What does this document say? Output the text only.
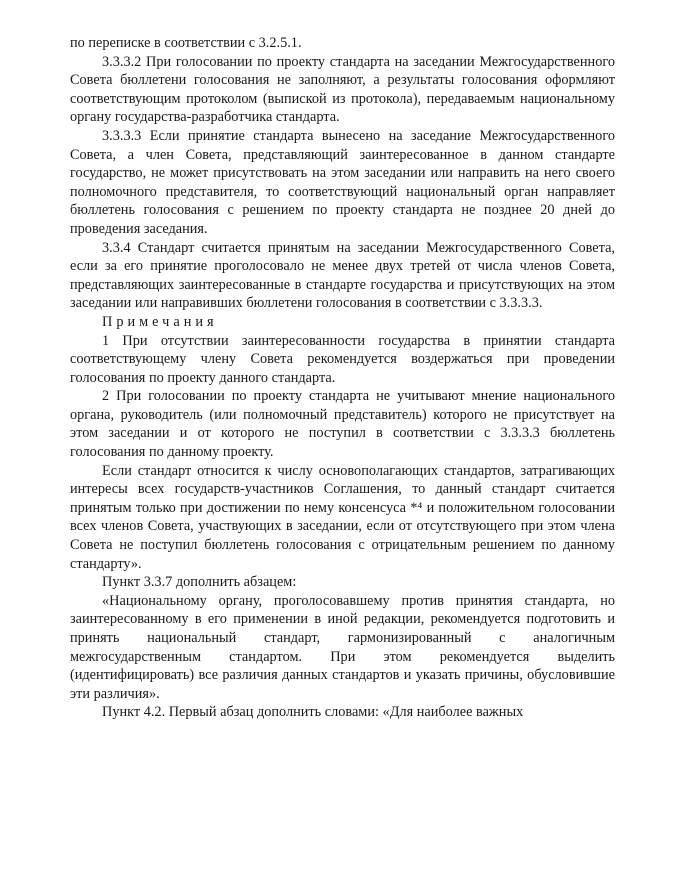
по переписке в соответствии с 3.2.5.1.

3.3.3.2 При голосовании по проекту стандарта на заседании Межгосударственного Совета бюллетени голосования не заполняют, а результаты голосования оформляют соответствующим протоколом (выпиской из протокола), передаваемым национальному органу государства-разработчика стандарта.

3.3.3.3 Если принятие стандарта вынесено на заседание Межгосударственного Совета, а член Совета, представляющий заинтересованное в данном стандарте государство, не может присутствовать на этом заседании или направить на него своего полномочного представителя, то соответствующий национальный орган направляет бюллетень голосования с решением по проекту стандарта не позднее 20 дней до проведения заседания.

3.3.4 Стандарт считается принятым на заседании Межгосударственного Совета, если за его принятие проголосовало не менее двух третей от числа членов Совета, представляющих заинтересованные в стандарте государства и присутствующих на этом заседании или направивших бюллетени голосования в соответствии с 3.3.3.3.

Примечания

1 При отсутствии заинтересованности государства в принятии стандарта соответствующему члену Совета рекомендуется воздержаться при проведении голосования по проекту данного стандарта.

2 При голосовании по проекту стандарта не учитывают мнение национального органа, руководитель (или полномочный представитель) которого не присутствует на этом заседании и от которого не поступил в соответствии с 3.3.3.3 бюллетень голосования по данному проекту.

Если стандарт относится к числу основополагающих стандартов, затрагивающих интересы всех государств-участников Соглашения, то данный стандарт считается принятым только при достижении по нему консенсуса *⁴ и положительном голосовании всех членов Совета, участвующих в заседании, если от отсутствующего при этом члена Совета не поступил бюллетень голосования с отрицательным решением по данному стандарту».

Пункт 3.3.7 дополнить абзацем:

«Национальному органу, проголосовавшему против принятия стандарта, но заинтересованному в его применении в иной редакции, рекомендуется подготовить и принять национальный стандарт, гармонизированный с аналогичным межгосударственным стандартом. При этом рекомендуется выделить (идентифицировать) все различия данных стандартов и указать причины, обусловившие эти различия».

Пункт 4.2. Первый абзац дополнить словами: «Для наиболее важных
